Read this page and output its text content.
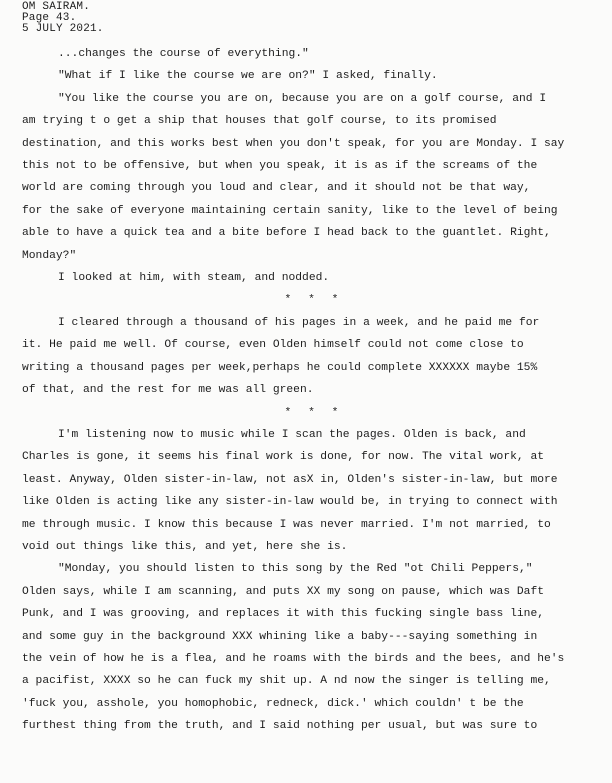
OM SAIRAM.
Page 43.
5 JULY 2021.
...changes the course of everything."
"What if I like the course we are on?" I asked, finally.
"You like the course you are on, because you are on a golf course, and I
am trying t o get a ship that houses that golf course, to its promised
destination, and this works best when you don't speak, for you are Monday. I say
this not to be offensive, but when you speak, it is as if the screams of the
world are coming through you loud and clear, and it should not be that way,
for the sake of everyone maintaining certain sanity, like to the level of being
able to have a quick tea and a bite before I head back to the guantlet. Right,
Monday?"
I looked at him, with steam, and nodded.
* * *
I cleared through a thousand of his pages in a week, and he paid me for
it. He paid me well. Of course, even Olden himself could not come close to
writing a thousand pages per week,perhaps he could complete XXXXXX maybe 15%
of that, and the rest for me was all green.
* * *
I'm listening now to music while I scan the pages. Olden is back, and
Charles is gone, it seems his final work is done, for now. The vital work, at
least. Anyway, Olden sister-in-law, not asX in, Olden's sister-in-law, but more
like Olden is acting like any sister-in-law would be, in trying to connect with
me through music. I know this because I was never married. I'm not married, to
void out things like this, and yet, here she is.
"Monday, you should listen to this song by the Red "ot Chili Peppers,"
Olden says, while I am scanning, and puts XX my song on pause, which was Daft
Punk, and I was grooving, and replaces it with this fucking single bass line,
and some guy in the background XXX whining like a baby---saying something in
the vein of how he is a flea, and he roams with the birds and the bees, and he's
a pacifist, XXXX so he can fuck my shit up. A nd now the singer is telling me,
'fuck you, asshole, you homophobic, redneck, dick.' which couldn' t be the
furthest thing from the truth, and I said nothing per usual, but was sure to
